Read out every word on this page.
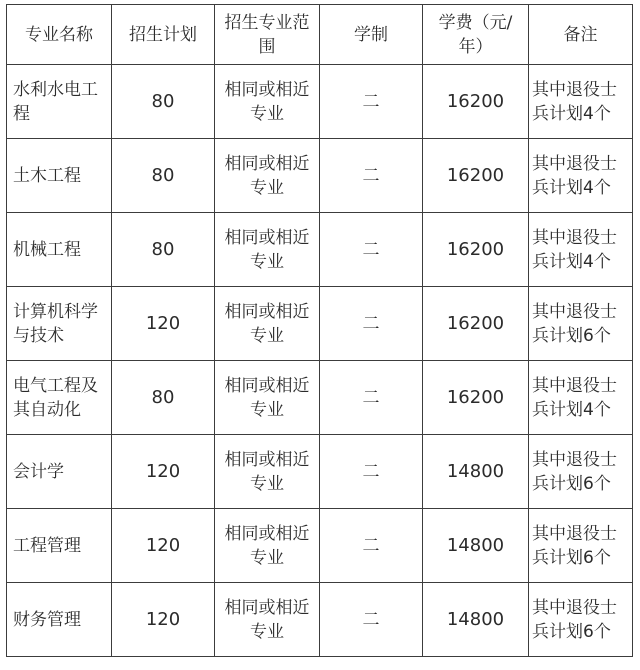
专业名称	招生计划	招生专业范围	学制	学费（元/年）	备注
水利水电工程	80	相同或相近专业	二	16200	其中退役士兵计划4个
土木工程	80	相同或相近专业	二	16200	其中退役士兵计划4个
机械工程	80	相同或相近专业	二	16200	其中退役士兵计划4个
计算机科学与技术	120	相同或相近专业	二	16200	其中退役士兵计划6个
电气工程及其自动化	80	相同或相近专业	二	16200	其中退役士兵计划4个
会计学	120	相同或相近专业	二	14800	其中退役士兵计划6个
工程管理	120	相同或相近专业	二	14800	其中退役士兵计划6个
财务管理	120	相同或相近专业	二	14800	其中退役士兵计划6个
